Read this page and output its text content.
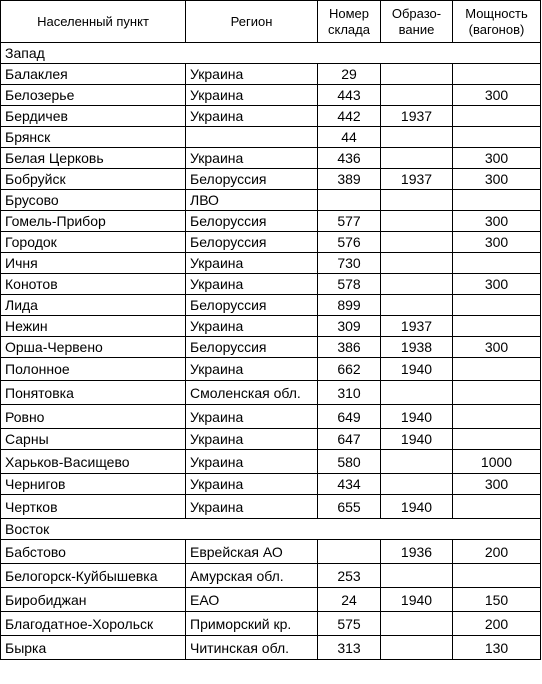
Населенный пункт	Регион	Номер склада	Образо-вание	Мощность (вагонов)
Запад				
Балаклея	Украина	29		
Белозерье	Украина	443		300
Бердичев	Украина	442	1937	
Брянск		44		
Белая Церковь	Украина	436		300
Бобруйск	Белоруссия	389	1937	300
Брусово	ЛВО			
Гомель-Прибор	Белоруссия	577		300
Городок	Белоруссия	576		300
Ичня	Украина	730		
Конотов	Украина	578		300
Лида	Белоруссия	899		
Нежин	Украина	309	1937	
Орша-Червено	Белоруссия	386	1938	300
Полонное	Украина	662	1940	
Понятовка	Смоленская обл.	310		
Ровно	Украина	649	1940	
Сарны	Украина	647	1940	
Харьков-Васищево	Украина	580		1000
Чернигов	Украина	434		300
Чертков	Украина	655	1940	
Восток				
Бабстово	Еврейская АО		1936	200
Белогорск-Куйбышевка	Амурская обл.	253		
Биробиджан	ЕАО	24	1940	150
Благодатное-Хорольск	Приморский кр.	575		200
Бырка	Читинская обл.	313		130
